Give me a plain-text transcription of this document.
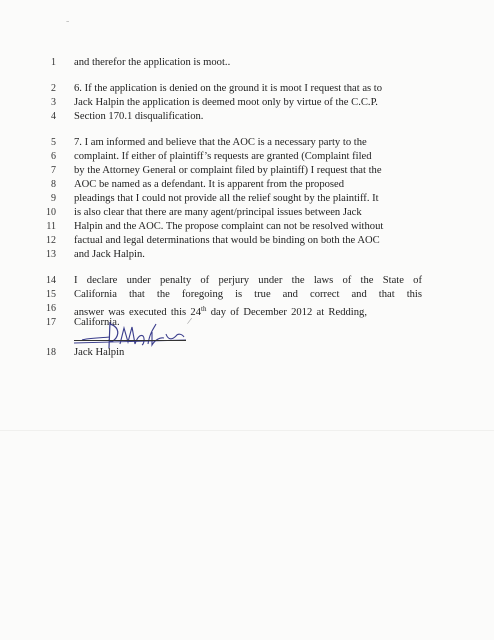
-
1
2
3
4
5
6
7
8
9
10
11
12
13
14
15
16
17
18
and therefor the application is moot..
6. If the application is denied on the ground it is moot I request that as to
Jack Halpin the application is deemed moot only by virtue of the C.C.P.
Section 170.1 disqualification.
7. I am informed and believe that the AOC is a necessary party to the
complaint. If either of plaintiff’s requests are granted (Complaint filed
by the Attorney General or complaint filed by plaintiff) I request that the
AOC be named as a defendant. It is apparent from the proposed
pleadings that I could not provide all the relief sought by the plaintiff. It
is also clear that there are many agent/principal issues between Jack
Halpin and the AOC. The propose complaint can not be resolved without
factual and legal determinations that would be binding on both the AOC
and Jack Halpin.
I declare under penalty of perjury under the laws of the State of
California that the foregoing is true and correct and that this
answer was executed this 24th day of December 2012 at Redding,
California.	/
Jack Halpin
